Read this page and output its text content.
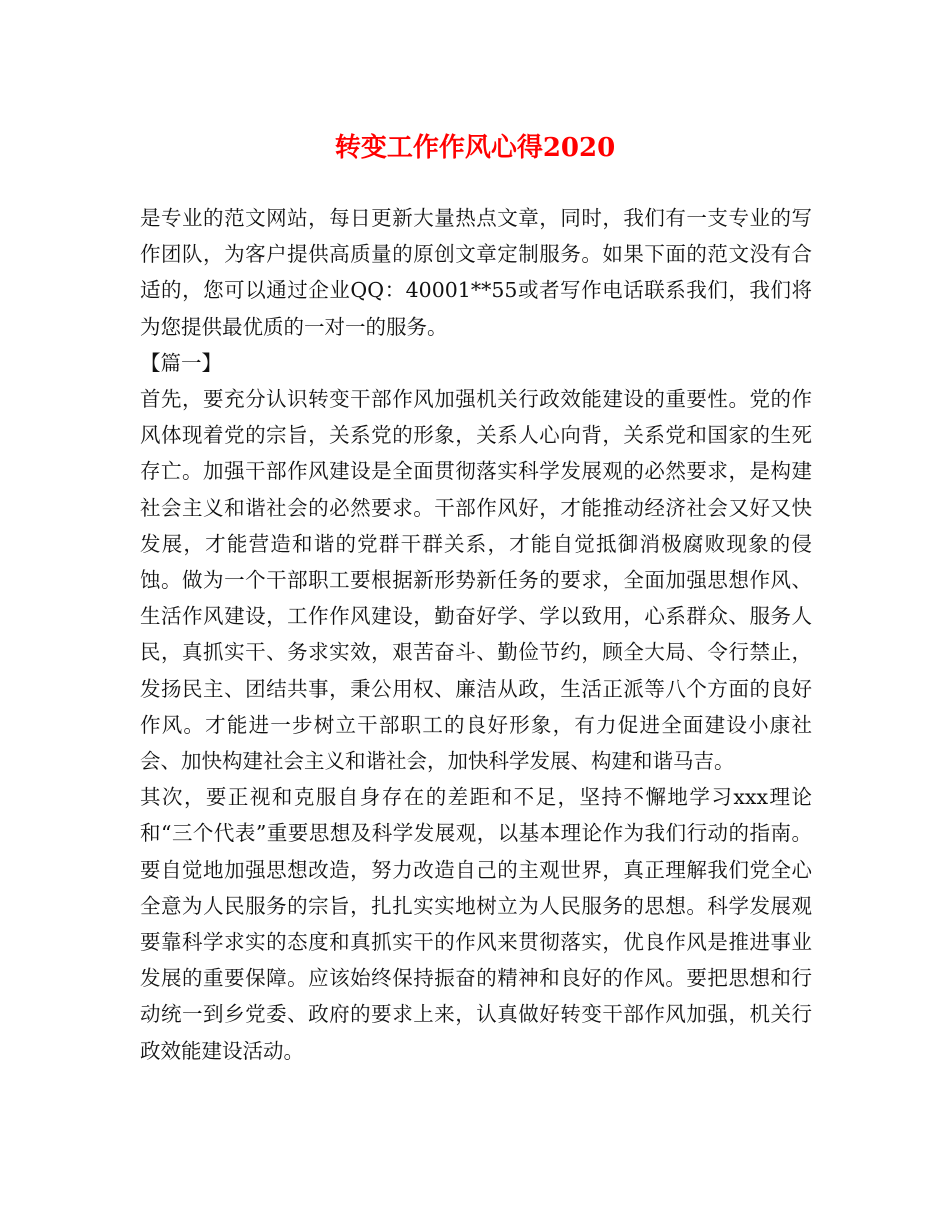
转变工作作风心得2020

是专业的范文网站，每日更新大量热点文章，同时，我们有一支专业的写作团队，为客户提供高质量的原创文章定制服务。如果下面的范文没有合适的，您可以通过企业QQ：40001**55或者写作电话联系我们，我们将为您提供最优质的一对一的服务。

【篇一】

首先，要充分认识转变干部作风加强机关行政效能建设的重要性。党的作风体现着党的宗旨，关系党的形象，关系人心向背，关系党和国家的生死存亡。加强干部作风建设是全面贯彻落实科学发展观的必然要求，是构建社会主义和谐社会的必然要求。干部作风好，才能推动经济社会又好又快发展，才能营造和谐的党群干群关系，才能自觉抵御消极腐败现象的侵蚀。做为一个干部职工要根据新形势新任务的要求，全面加强思想作风、生活作风建设，工作作风建设，勤奋好学、学以致用，心系群众、服务人民，真抓实干、务求实效，艰苦奋斗、勤俭节约，顾全大局、令行禁止，发扬民主、团结共事，秉公用权、廉洁从政，生活正派等八个方面的良好作风。才能进一步树立干部职工的良好形象，有力促进全面建设小康社会、加快构建社会主义和谐社会，加快科学发展、构建和谐马吉。

其次，要正视和克服自身存在的差距和不足，坚持不懈地学习xxx理论和“三个代表”重要思想及科学发展观，以基本理论作为我们行动的指南。要自觉地加强思想改造，努力改造自己的主观世界，真正理解我们党全心全意为人民服务的宗旨，扎扎实实地树立为人民服务的思想。科学发展观要靠科学求实的态度和真抓实干的作风来贯彻落实，优良作风是推进事业发展的重要保障。应该始终保持振奋的精神和良好的作风。要把思想和行动统一到乡党委、政府的要求上来，认真做好转变干部作风加强，机关行政效能建设活动。
